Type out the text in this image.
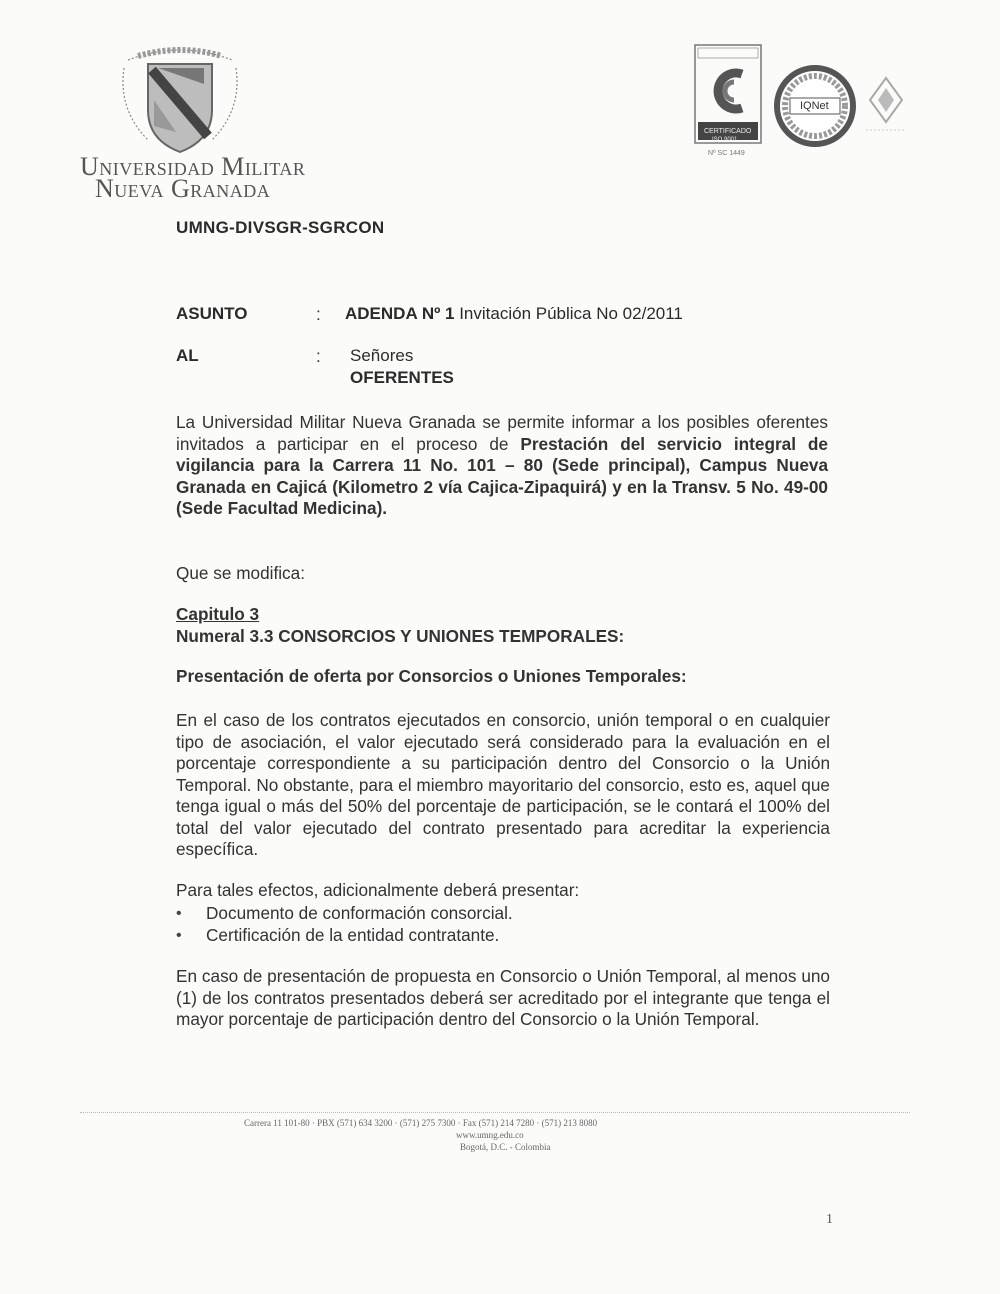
Universidad Militar
Nueva Granada
CERTIFICADO
ISO 9001
Nº SC 1449
IQNet
UMNG-DIVSGR-SGRCON
ASUNTO	: ADENDA Nº 1 Invitación Pública No 02/2011
AL	: Señores
OFERENTES
La Universidad Militar Nueva Granada se permite informar a los posibles oferentes invitados a participar en el proceso de Prestación del servicio integral de vigilancia para la Carrera 11 No. 101 – 80 (Sede principal), Campus Nueva Granada en Cajicá (Kilometro 2 vía Cajica-Zipaquirá) y en la Transv. 5 No. 49-00 (Sede Facultad Medicina).
Que se modifica:
Capitulo 3
Numeral 3.3 CONSORCIOS Y UNIONES TEMPORALES:
Presentación de oferta por Consorcios o Uniones Temporales:
En el caso de los contratos ejecutados en consorcio, unión temporal o en cualquier tipo de asociación, el valor ejecutado será considerado para la evaluación en el porcentaje correspondiente a su participación dentro del Consorcio o la Unión Temporal. No obstante, para el miembro mayoritario del consorcio, esto es, aquel que tenga igual o más del 50% del porcentaje de participación, se le contará el 100% del total del valor ejecutado del contrato presentado para acreditar la experiencia específica.
Para tales efectos, adicionalmente deberá presentar:
• Documento de conformación consorcial.
• Certificación de la entidad contratante.
En caso de presentación de propuesta en Consorcio o Unión Temporal, al menos uno (1) de los contratos presentados deberá ser acreditado por el integrante que tenga el mayor porcentaje de participación dentro del Consorcio o la Unión Temporal.
Carrera 11 101-80 · PBX (571) 634 3200 · (571) 275 7300 · Fax (571) 214 7280 · (571) 213 8080
www.umng.edu.co
Bogotá, D.C. - Colombia
1
